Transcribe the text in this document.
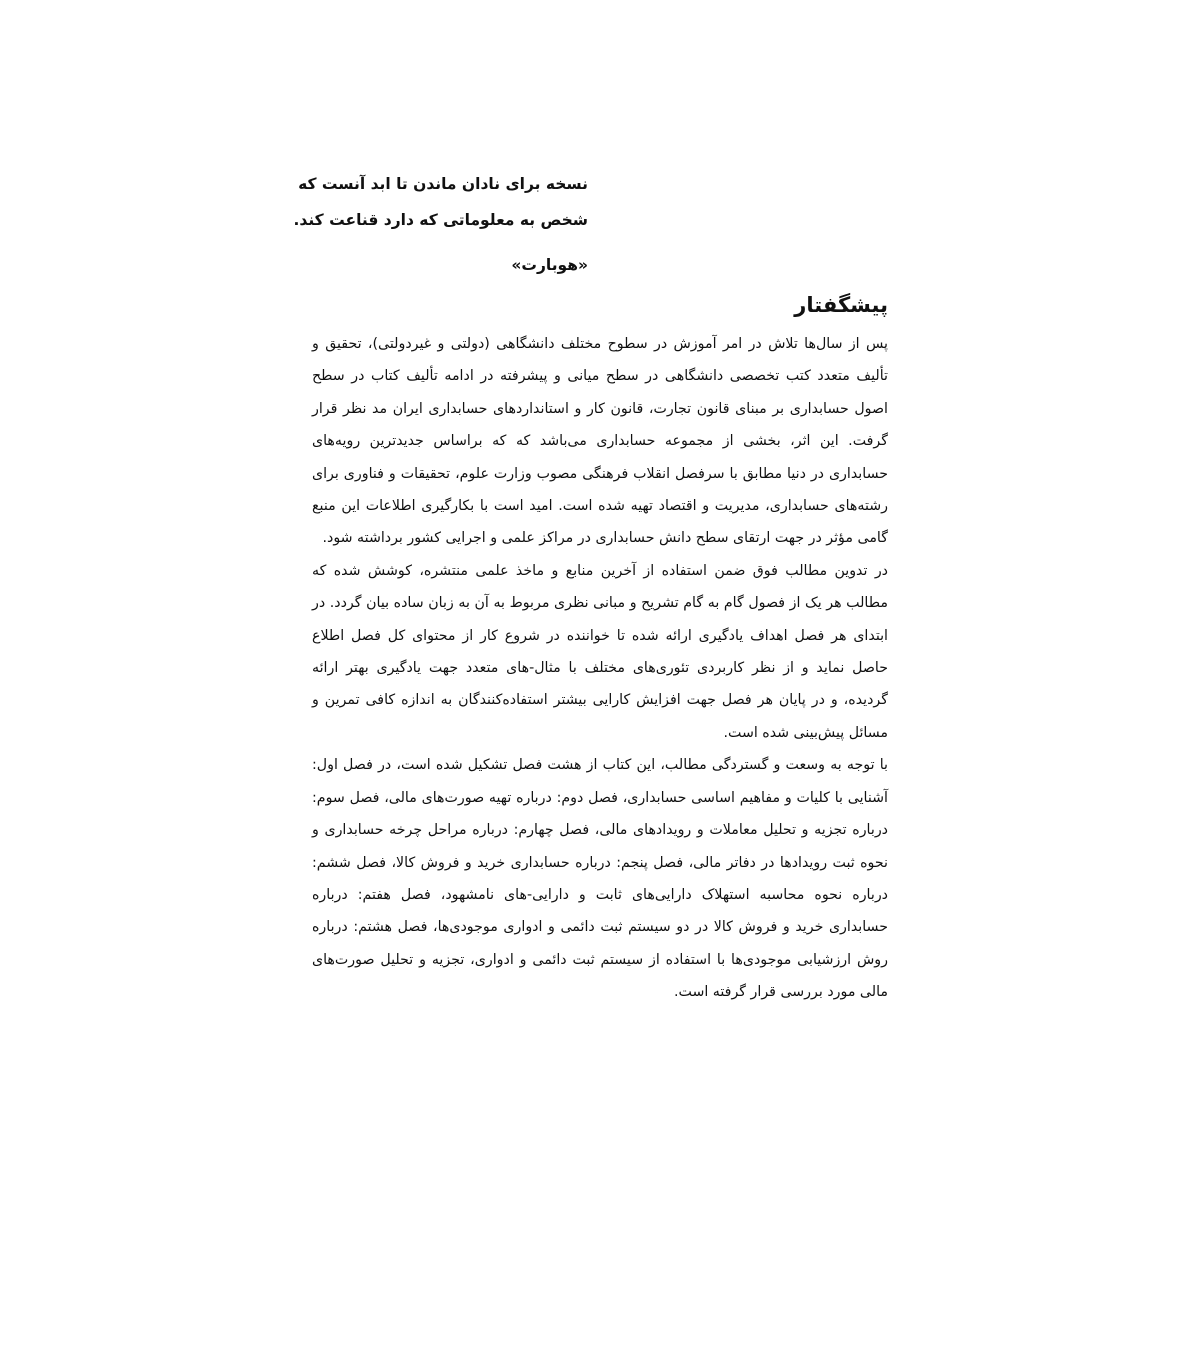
نسخه برای نادان ماندن تا ابد آنست که
شخص به معلوماتی که دارد قناعت کند.
«هوبارت»
پیشگفتار

پس از سال‌ها تلاش در امر آموزش در سطوح مختلف دانشگاهی (دولتی و غیردولتی)، تحقیق و تألیف متعدد کتب تخصصی دانشگاهی در سطح میانی و پیشرفته در ادامه تألیف کتاب در سطح اصول حسابداری بر مبنای قانون تجارت، قانون کار و استانداردهای حسابداری ایران مد نظر قرار گرفت. این اثر، بخشی از مجموعه حسابداری می‌باشد که که براساس جدیدترین رویه‌های حسابداری در دنیا مطابق با سرفصل انقلاب فرهنگی مصوب وزارت علوم، تحقیقات و فناوری برای رشته‌های حسابداری، مدیریت و اقتصاد تهیه شده است. امید است با بکارگیری اطلاعات این منبع گامی مؤثر در جهت ارتقای سطح دانش حسابداری در مراکز علمی و اجرایی کشور برداشته شود.

در تدوین مطالب فوق ضمن استفاده از آخرین منابع و ماخذ علمی منتشره، کوشش شده که مطالب هر یک از فصول گام به گام تشریح و مبانی نظری مربوط به آن به زبان ساده بیان گردد. در ابتدای هر فصل اهداف یادگیری ارائه شده تا خواننده در شروع کار از محتوای کل فصل اطلاع حاصل نماید و از نظر کاربردی تئوری‌های مختلف با مثال-های متعدد جهت یادگیری بهتر ارائه گردیده، و در پایان هر فصل جهت افزایش کارایی بیشتر استفاده‌کنندگان به اندازه کافی تمرین و مسائل پیش‌بینی شده است.

با توجه به وسعت و گستردگی مطالب، این کتاب از هشت فصل تشکیل شده است، در فصل اول: آشنایی با کلیات و مفاهیم اساسی حسابداری، فصل دوم: درباره تهیه صورت‌های مالی، فصل سوم: درباره تجزیه و تحلیل معاملات و رویدادهای مالی، فصل چهارم: درباره مراحل چرخه حسابداری و نحوه ثبت رویدادها در دفاتر مالی، فصل پنجم: درباره حسابداری خرید و فروش کالا، فصل ششم: درباره نحوه محاسبه استهلاک دارایی‌های ثابت و دارایی-های نامشهود، فصل هفتم: درباره حسابداری خرید و فروش کالا در دو سیستم ثبت دائمی و ادواری موجودی‌ها، فصل هشتم: درباره روش ارزشیابی موجودی‌ها با استفاده از سیستم ثبت دائمی و ادواری، تجزیه و تحلیل صورت‌های مالی مورد بررسی قرار گرفته است.
